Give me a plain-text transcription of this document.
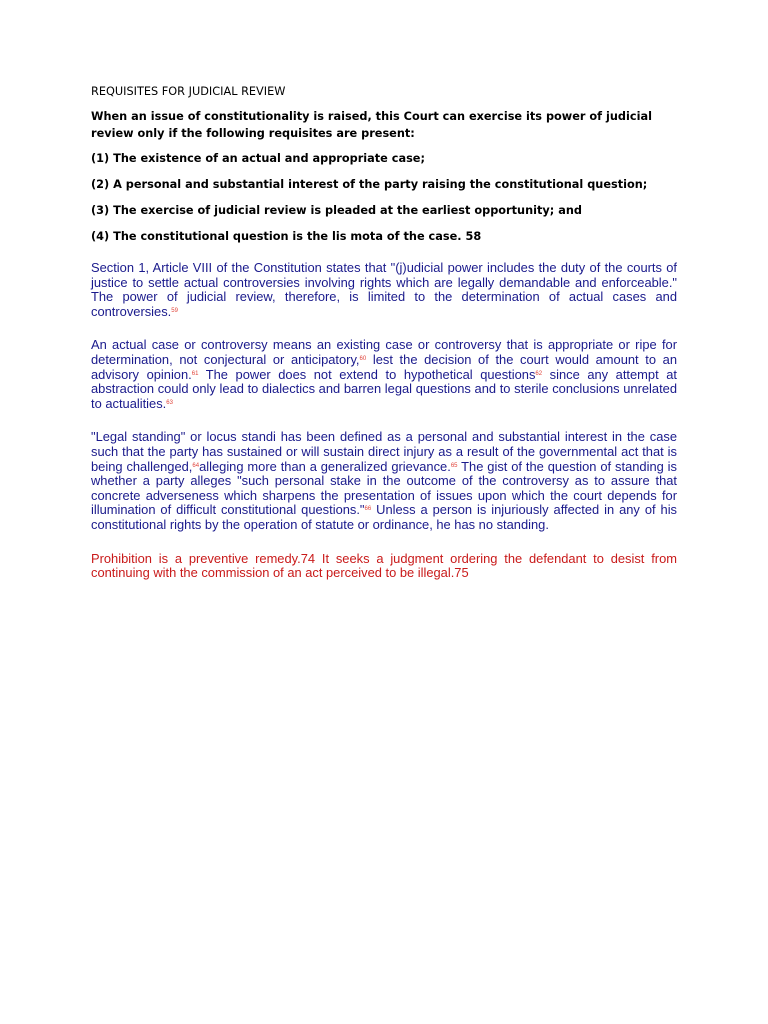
REQUISITES FOR JUDICIAL REVIEW

When an issue of constitutionality is raised, this Court can exercise its power of judicial review only if the following requisites are present:

(1) The existence of an actual and appropriate case;

(2) A personal and substantial interest of the party raising the constitutional question;

(3) The exercise of judicial review is pleaded at the earliest opportunity; and

(4) The constitutional question is the lis mota of the case. 58

Section 1, Article VIII of the Constitution states that "(j)udicial power includes the duty of the courts of justice to settle actual controversies involving rights which are legally demandable and enforceable." The power of judicial review, therefore, is limited to the determination of actual cases and controversies.$^{59}$

An actual case or controversy means an existing case or controversy that is appropriate or ripe for determination, not conjectural or anticipatory,$^{60}$ lest the decision of the court would amount to an advisory opinion.$^{61}$ The power does not extend to hypothetical questions$^{62}$ since any attempt at abstraction could only lead to dialectics and barren legal questions and to sterile conclusions unrelated to actualities.$^{63}$

"Legal standing" or locus standi has been defined as a personal and substantial interest in the case such that the party has sustained or will sustain direct injury as a result of the governmental act that is being challenged,$^{64}$alleging more than a generalized grievance.$^{65}$ The gist of the question of standing is whether a party alleges "such personal stake in the outcome of the controversy as to assure that concrete adverseness which sharpens the presentation of issues upon which the court depends for illumination of difficult constitutional questions."$^{66}$ Unless a person is injuriously affected in any of his constitutional rights by the operation of statute or ordinance, he has no standing.

Prohibition is a preventive remedy.74 It seeks a judgment ordering the defendant to desist from continuing with the commission of an act perceived to be illegal.75
